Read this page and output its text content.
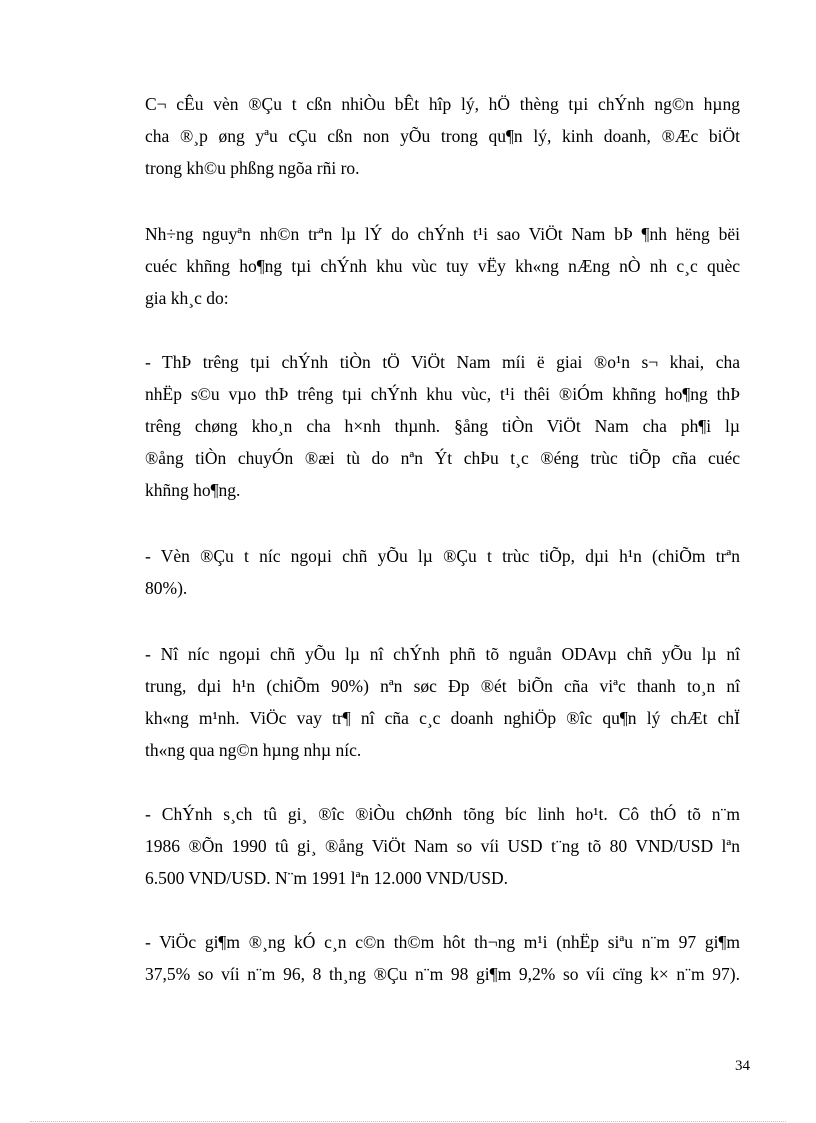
C¬ cÊu vèn ®Çu t cßn nhiÒu bÊt hîp lý, hÖ thèng tµi chÝnh ng©n hµng
cha ®¸p øng yªu cÇu cßn non yÕu trong qu¶n lý, kinh doanh, ®Æc biÖt
trong kh©u phßng ngõa rñi ro.
Nh÷ng nguyªn nh©n trªn lµ lÝ do chÝnh t¹i sao ViÖt Nam bÞ ¶nh hëng bëi
cuéc khñng ho¶ng tµi chÝnh khu vùc tuy vËy kh«ng nÆng nÒ nh c¸c quèc
gia kh¸c do:
- ThÞ trêng tµi chÝnh tiÒn tÖ ViÖt Nam míi ë giai ®o¹n s¬ khai, cha
nhËp s©u vµo thÞ trêng tµi chÝnh khu vùc, t¹i thêi ®iÓm khñng ho¶ng thÞ
trêng chøng kho¸n cha h×nh thµnh. §ång tiÒn ViÖt Nam cha ph¶i lµ
®ång tiÒn chuyÓn ®æi tù do nªn Ýt chÞu t¸c ®éng trùc tiÕp cña cuéc
khñng ho¶ng.
- Vèn ®Çu t níc ngoµi chñ yÕu lµ ®Çu t trùc tiÕp, dµi h¹n (chiÕm trªn
80%).
- Nî níc ngoµi chñ yÕu lµ nî chÝnh phñ tõ nguån ODAvµ chñ yÕu lµ nî
trung, dµi h¹n (chiÕm 90%) nªn søc Ðp ®ét biÕn cña viªc thanh to¸n nî
kh«ng m¹nh. ViÖc vay tr¶ nî cña c¸c doanh nghiÖp ®îc qu¶n lý chÆt chÏ
th«ng qua ng©n hµng nhµ níc.
- ChÝnh s¸ch tû gi¸ ®îc ®iÒu chØnh tõng bíc linh ho¹t. Cô thÓ tõ n¨m
1986 ®Õn 1990 tû gi¸ ®ång ViÖt Nam so víi USD t¨ng tõ 80 VND/USD lªn
6.500 VND/USD. N¨m 1991 lªn 12.000 VND/USD.
- ViÖc gi¶m ®¸ng kÓ c¸n c©n th©m hôt th¬ng m¹i (nhËp siªu n¨m 97 gi¶m
37,5% so víi n¨m 96, 8 th¸ng ®Çu n¨m 98 gi¶m 9,2% so víi cïng k× n¨m 97).
34
